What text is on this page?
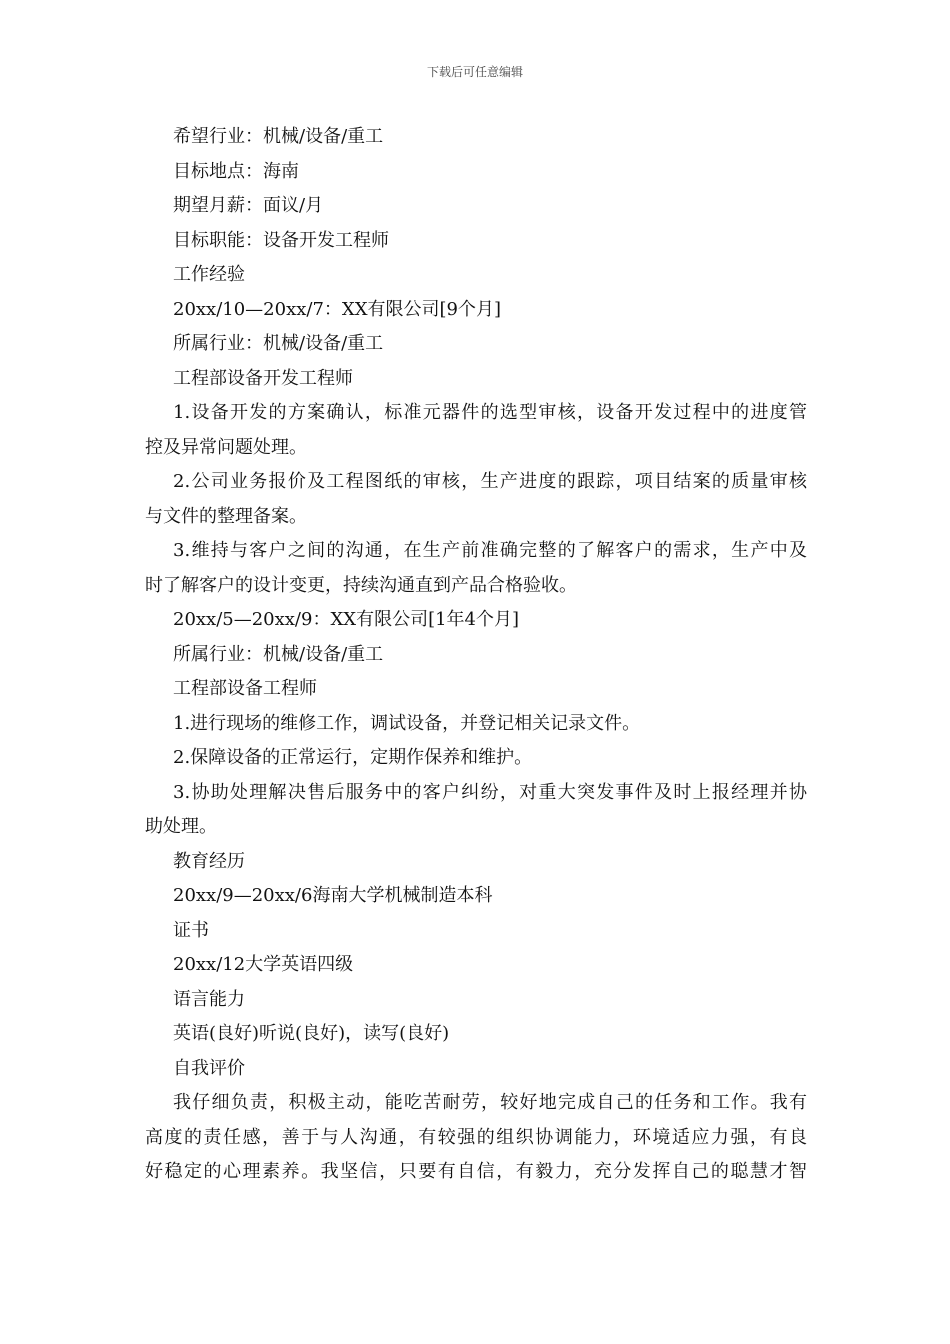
下载后可任意编辑

希望行业：机械/设备/重工

目标地点：海南

期望月薪：面议/月

目标职能：设备开发工程师

工作经验

20xx/10—20xx/7：XX有限公司[9个月]

所属行业：机械/设备/重工

工程部设备开发工程师

1.设备开发的方案确认，标准元器件的选型审核，设备开发过程中的进度管

控及异常问题处理。

2.公司业务报价及工程图纸的审核，生产进度的跟踪，项目结案的质量审核

与文件的整理备案。

3.维持与客户之间的沟通，在生产前准确完整的了解客户的需求，生产中及

时了解客户的设计变更，持续沟通直到产品合格验收。

20xx/5—20xx/9：XX有限公司[1年4个月]

所属行业：机械/设备/重工

工程部设备工程师

1.进行现场的维修工作，调试设备，并登记相关记录文件。

2.保障设备的正常运行，定期作保养和维护。

3.协助处理解决售后服务中的客户纠纷，对重大突发事件及时上报经理并协

助处理。

教育经历

20xx/9—20xx/6海南大学机械制造本科

证书

20xx/12大学英语四级

语言能力

英语(良好)听说(良好)，读写(良好)

自我评价

我仔细负责，积极主动，能吃苦耐劳，较好地完成自己的任务和工作。我有

高度的责任感，善于与人沟通，有较强的组织协调能力，环境适应力强，有良

好稳定的心理素养。我坚信，只要有自信，有毅力，充分发挥自己的聪慧才智
